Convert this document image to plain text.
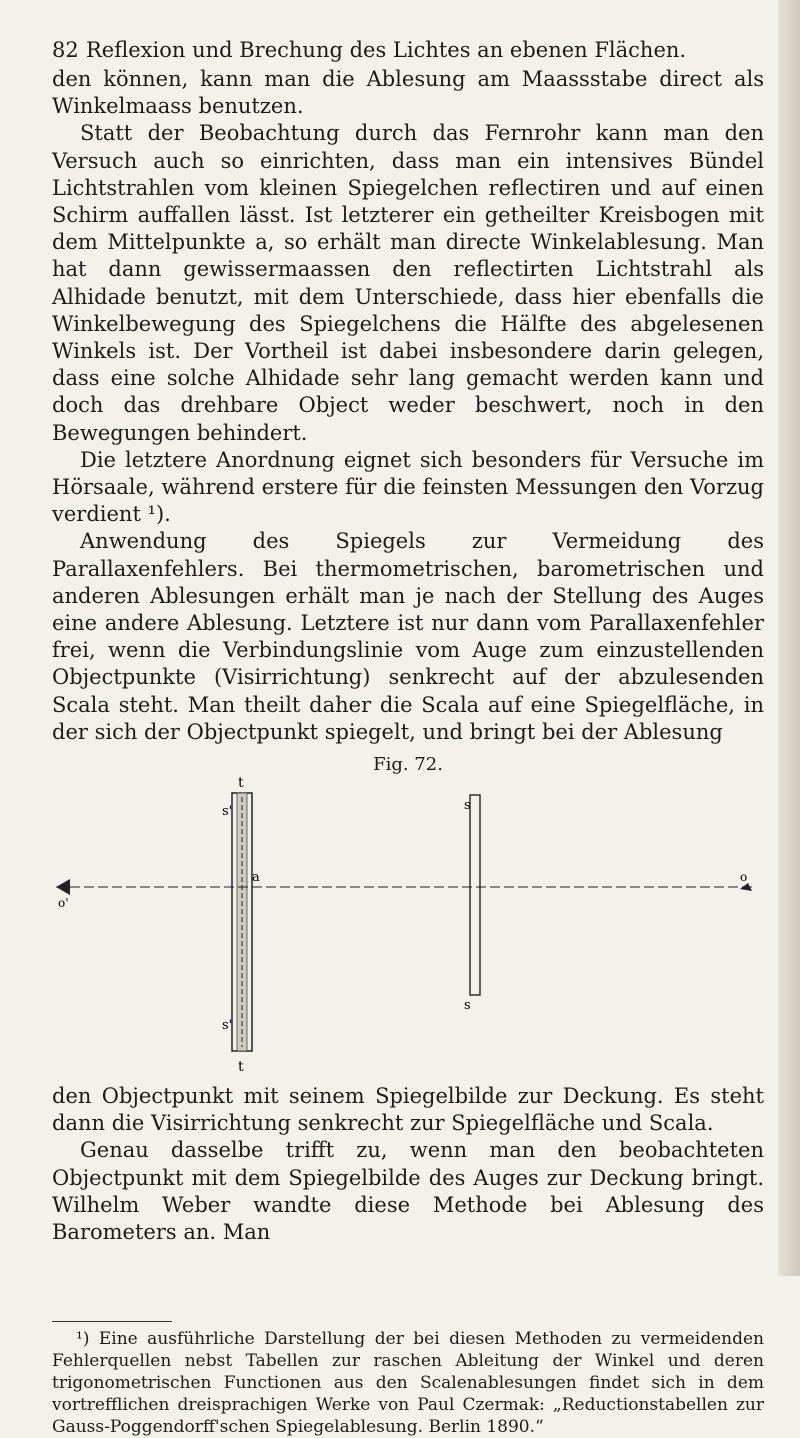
82 Reflexion und Brechung des Lichtes an ebenen Flächen.

den können, kann man die Ablesung am Maassstabe direct als Winkelmaass benutzen.

Statt der Beobachtung durch das Fernrohr kann man den Versuch auch so einrichten, dass man ein intensives Bündel Lichtstrahlen vom kleinen Spiegelchen reflectiren und auf einen Schirm auffallen lässt. Ist letzterer ein getheilter Kreisbogen mit dem Mittelpunkte a, so erhält man directe Winkelablesung. Man hat dann gewissermaassen den reflectirten Lichtstrahl als Alhidade benutzt, mit dem Unterschiede, dass hier ebenfalls die Winkelbewegung des Spiegelchens die Hälfte des abgelesenen Winkels ist. Der Vortheil ist dabei insbesondere darin gelegen, dass eine solche Alhidade sehr lang gemacht werden kann und doch das drehbare Object weder beschwert, noch in den Bewegungen behindert.

Die letztere Anordnung eignet sich besonders für Versuche im Hörsaale, während erstere für die feinsten Messungen den Vorzug verdient ¹).

Anwendung des Spiegels zur Vermeidung des Parallaxenfehlers. Bei thermometrischen, barometrischen und anderen Ablesungen erhält man je nach der Stellung des Auges eine andere Ablesung. Letztere ist nur dann vom Parallaxenfehler frei, wenn die Verbindungslinie vom Auge zum einzustellenden Objectpunkte (Visirrichtung) senkrecht auf der abzulesenden Scala steht. Man theilt daher die Scala auf eine Spiegelfläche, in der sich der Objectpunkt spiegelt, und bringt bei der Ablesung

Fig. 72.
t
s'
s'
t
s
s
o'
a	o

den Objectpunkt mit seinem Spiegelbilde zur Deckung. Es steht dann die Visirrichtung senkrecht zur Spiegelfläche und Scala.

Genau dasselbe trifft zu, wenn man den beobachteten Objectpunkt mit dem Spiegelbilde des Auges zur Deckung bringt. Wilhelm Weber wandte diese Methode bei Ablesung des Barometers an. Man

¹) Eine ausführliche Darstellung der bei diesen Methoden zu vermeidenden Fehlerquellen nebst Tabellen zur raschen Ableitung der Winkel und deren trigonometrischen Functionen aus den Scalenablesungen findet sich in dem vortrefflichen dreisprachigen Werke von Paul Czermak: „Reductionstabellen zur Gauss-Poggendorff'schen Spiegelablesung. Berlin 1890.“
